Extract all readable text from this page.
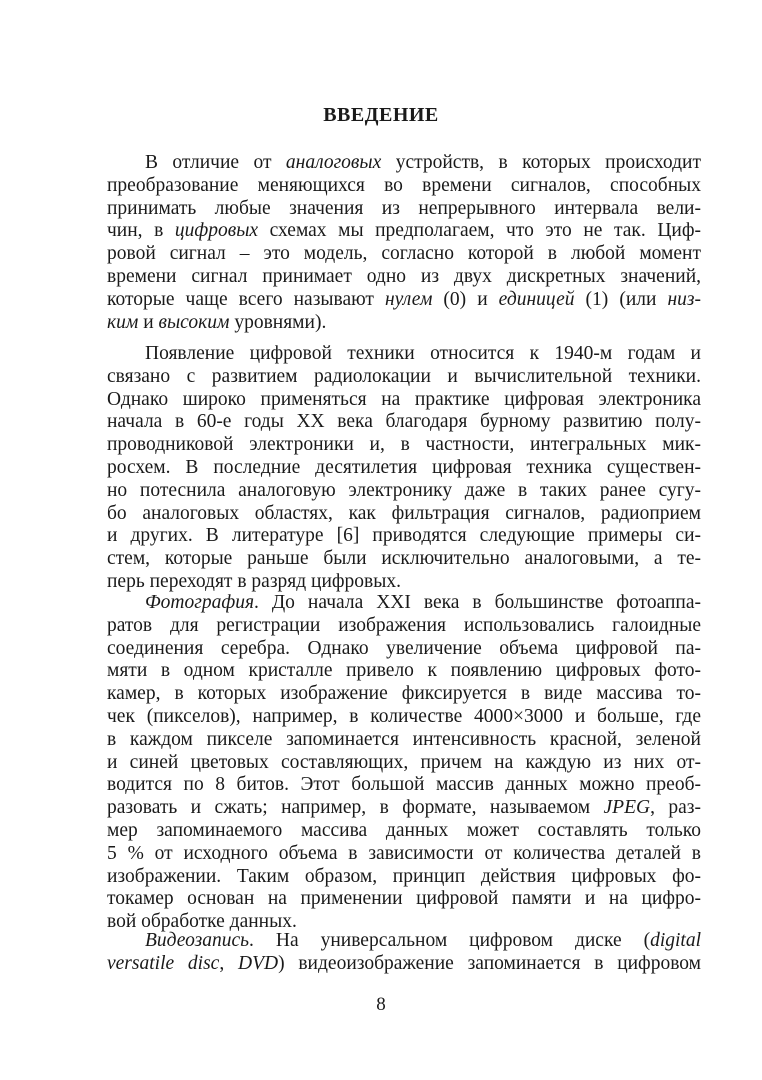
ВВЕДЕНИЕ
В отличие от аналоговых устройств, в которых происходит
преобразование меняющихся во времени сигналов, способных
принимать любые значения из непрерывного интервала вели-
чин, в цифровых схемах мы предполагаем, что это не так. Циф-
ровой сигнал – это модель, согласно которой в любой момент
времени сигнал принимает одно из двух дискретных значений,
которые чаще всего называют нулем (0) и единицей (1) (или низ-
ким и высоким уровнями).
Появление цифровой техники относится к 1940-м годам и
связано с развитием радиолокации и вычислительной техники.
Однако широко применяться на практике цифровая электроника
начала в 60-е годы XX века благодаря бурному развитию полу-
проводниковой электроники и, в частности, интегральных мик-
росхем. В последние десятилетия цифровая техника существен-
но потеснила аналоговую электронику даже в таких ранее сугу-
бо аналоговых областях, как фильтрация сигналов, радиоприем
и других. В литературе [6] приводятся следующие примеры си-
стем, которые раньше были исключительно аналоговыми, а те-
перь переходят в разряд цифровых.
Фотография. До начала XXI века в большинстве фотоаппа-
ратов для регистрации изображения использовались галоидные
соединения серебра. Однако увеличение объема цифровой па-
мяти в одном кристалле привело к появлению цифровых фото-
камер, в которых изображение фиксируется в виде массива то-
чек (пикселов), например, в количестве 4000×3000 и больше, где
в каждом пикселе запоминается интенсивность красной, зеленой
и синей цветовых составляющих, причем на каждую из них от-
водится по 8 битов. Этот большой массив данных можно преоб-
разовать и сжать; например, в формате, называемом JPEG, раз-
мер запоминаемого массива данных может составлять только
5 % от исходного объема в зависимости от количества деталей в
изображении. Таким образом, принцип действия цифровых фо-
токамер основан на применении цифровой памяти и на цифро-
вой обработке данных.
Видеозапись. На универсальном цифровом диске (digital
versatile disc, DVD) видеоизображение запоминается в цифровом
8
